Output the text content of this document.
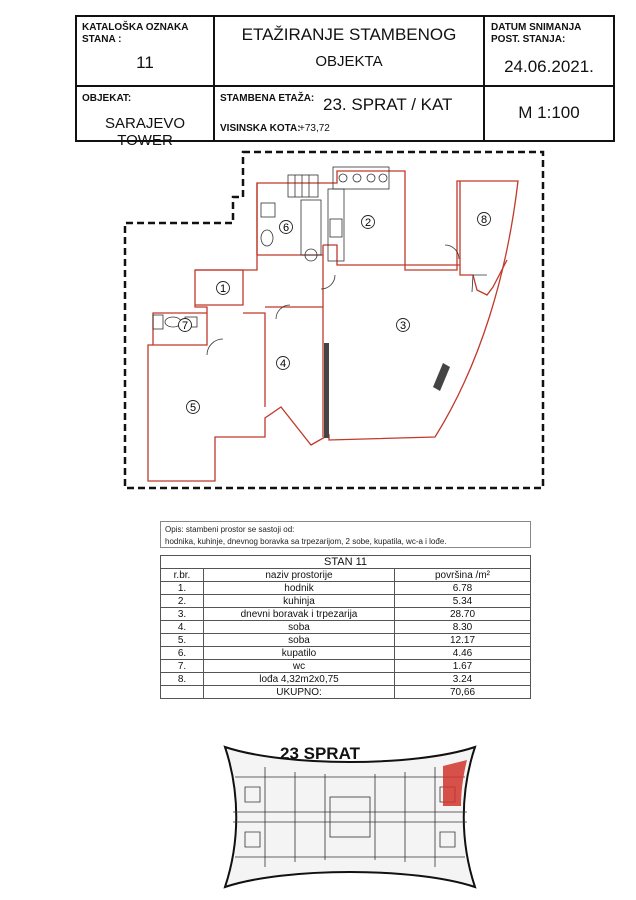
KATALOŠKA OZNAKA STANA :
11
ETAŽIRANJE STAMBENOG
OBJEKTA
DATUM SNIMANJA POST. STANJA:
24.06.2021.
OBJEKAT:
SARAJEVO TOWER
STAMBENA ETAŽA: 23. SPRAT / KAT
VISINSKA KOTA:
+73,72
M 1:100
1
2
3
4
5
6
7
8
Opis: stambeni prostor se sastoji od:
hodnika, kuhinje, dnevnog boravka sa trpezarijom, 2 sobe, kupatila, wc-a i lođe.
STAN 11		
r.br.	naziv prostorije	površina /m²
1.	hodnik	6.78
2.	kuhinja	5.34
3.	dnevni boravak i trpezarija	28.70
4.	soba	8.30
5.	soba	12.17
6.	kupatilo	4.46
7.	wc	1.67
8.	lođa 4,32m2x0,75	3.24
	UKUPNO:	70,66
23 SPRAT
